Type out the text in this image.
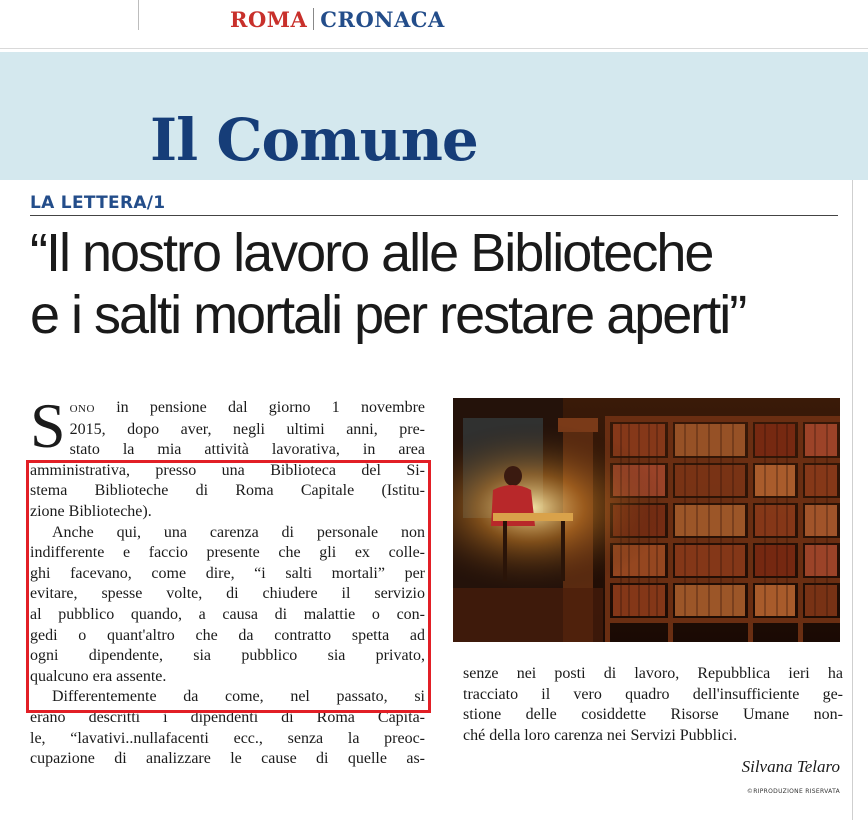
ROMA CRONACA
Il Comune
LA LETTERA/1
“Il nostro lavoro alle Biblioteche
e i salti mortali per restare aperti”
S ONO in pensione dal giorno 1 novembre
2015, dopo aver, negli ultimi anni, pre-
stato la mia attività lavorativa, in area
amministrativa, presso una Biblioteca del Si-
stema Biblioteche di Roma Capitale (Istitu-
zione Biblioteche).
Anche qui, una carenza di personale non
indifferente e faccio presente che gli ex colle-
ghi facevano, come dire, “i salti mortali” per
evitare, spesse volte, di chiudere il servizio
al pubblico quando, a causa di malattie o con-
gedi o quant'altro che da contratto spetta ad
ogni dipendente, sia pubblico sia privato,
qualcuno era assente.
Differentemente da come, nel passato, si
erano descritti i dipendenti di Roma Capita-
le, “lavativi..nullafacenti ecc., senza la preoc-
cupazione di analizzare le cause di quelle as-
senze nei posti di lavoro, Repubblica ieri ha
tracciato il vero quadro dell'insufficiente ge-
stione delle cosiddette Risorse Umane non-
ché della loro carenza nei Servizi Pubblici.
Silvana Telaro
©RIPRODUZIONE RISERVATA
